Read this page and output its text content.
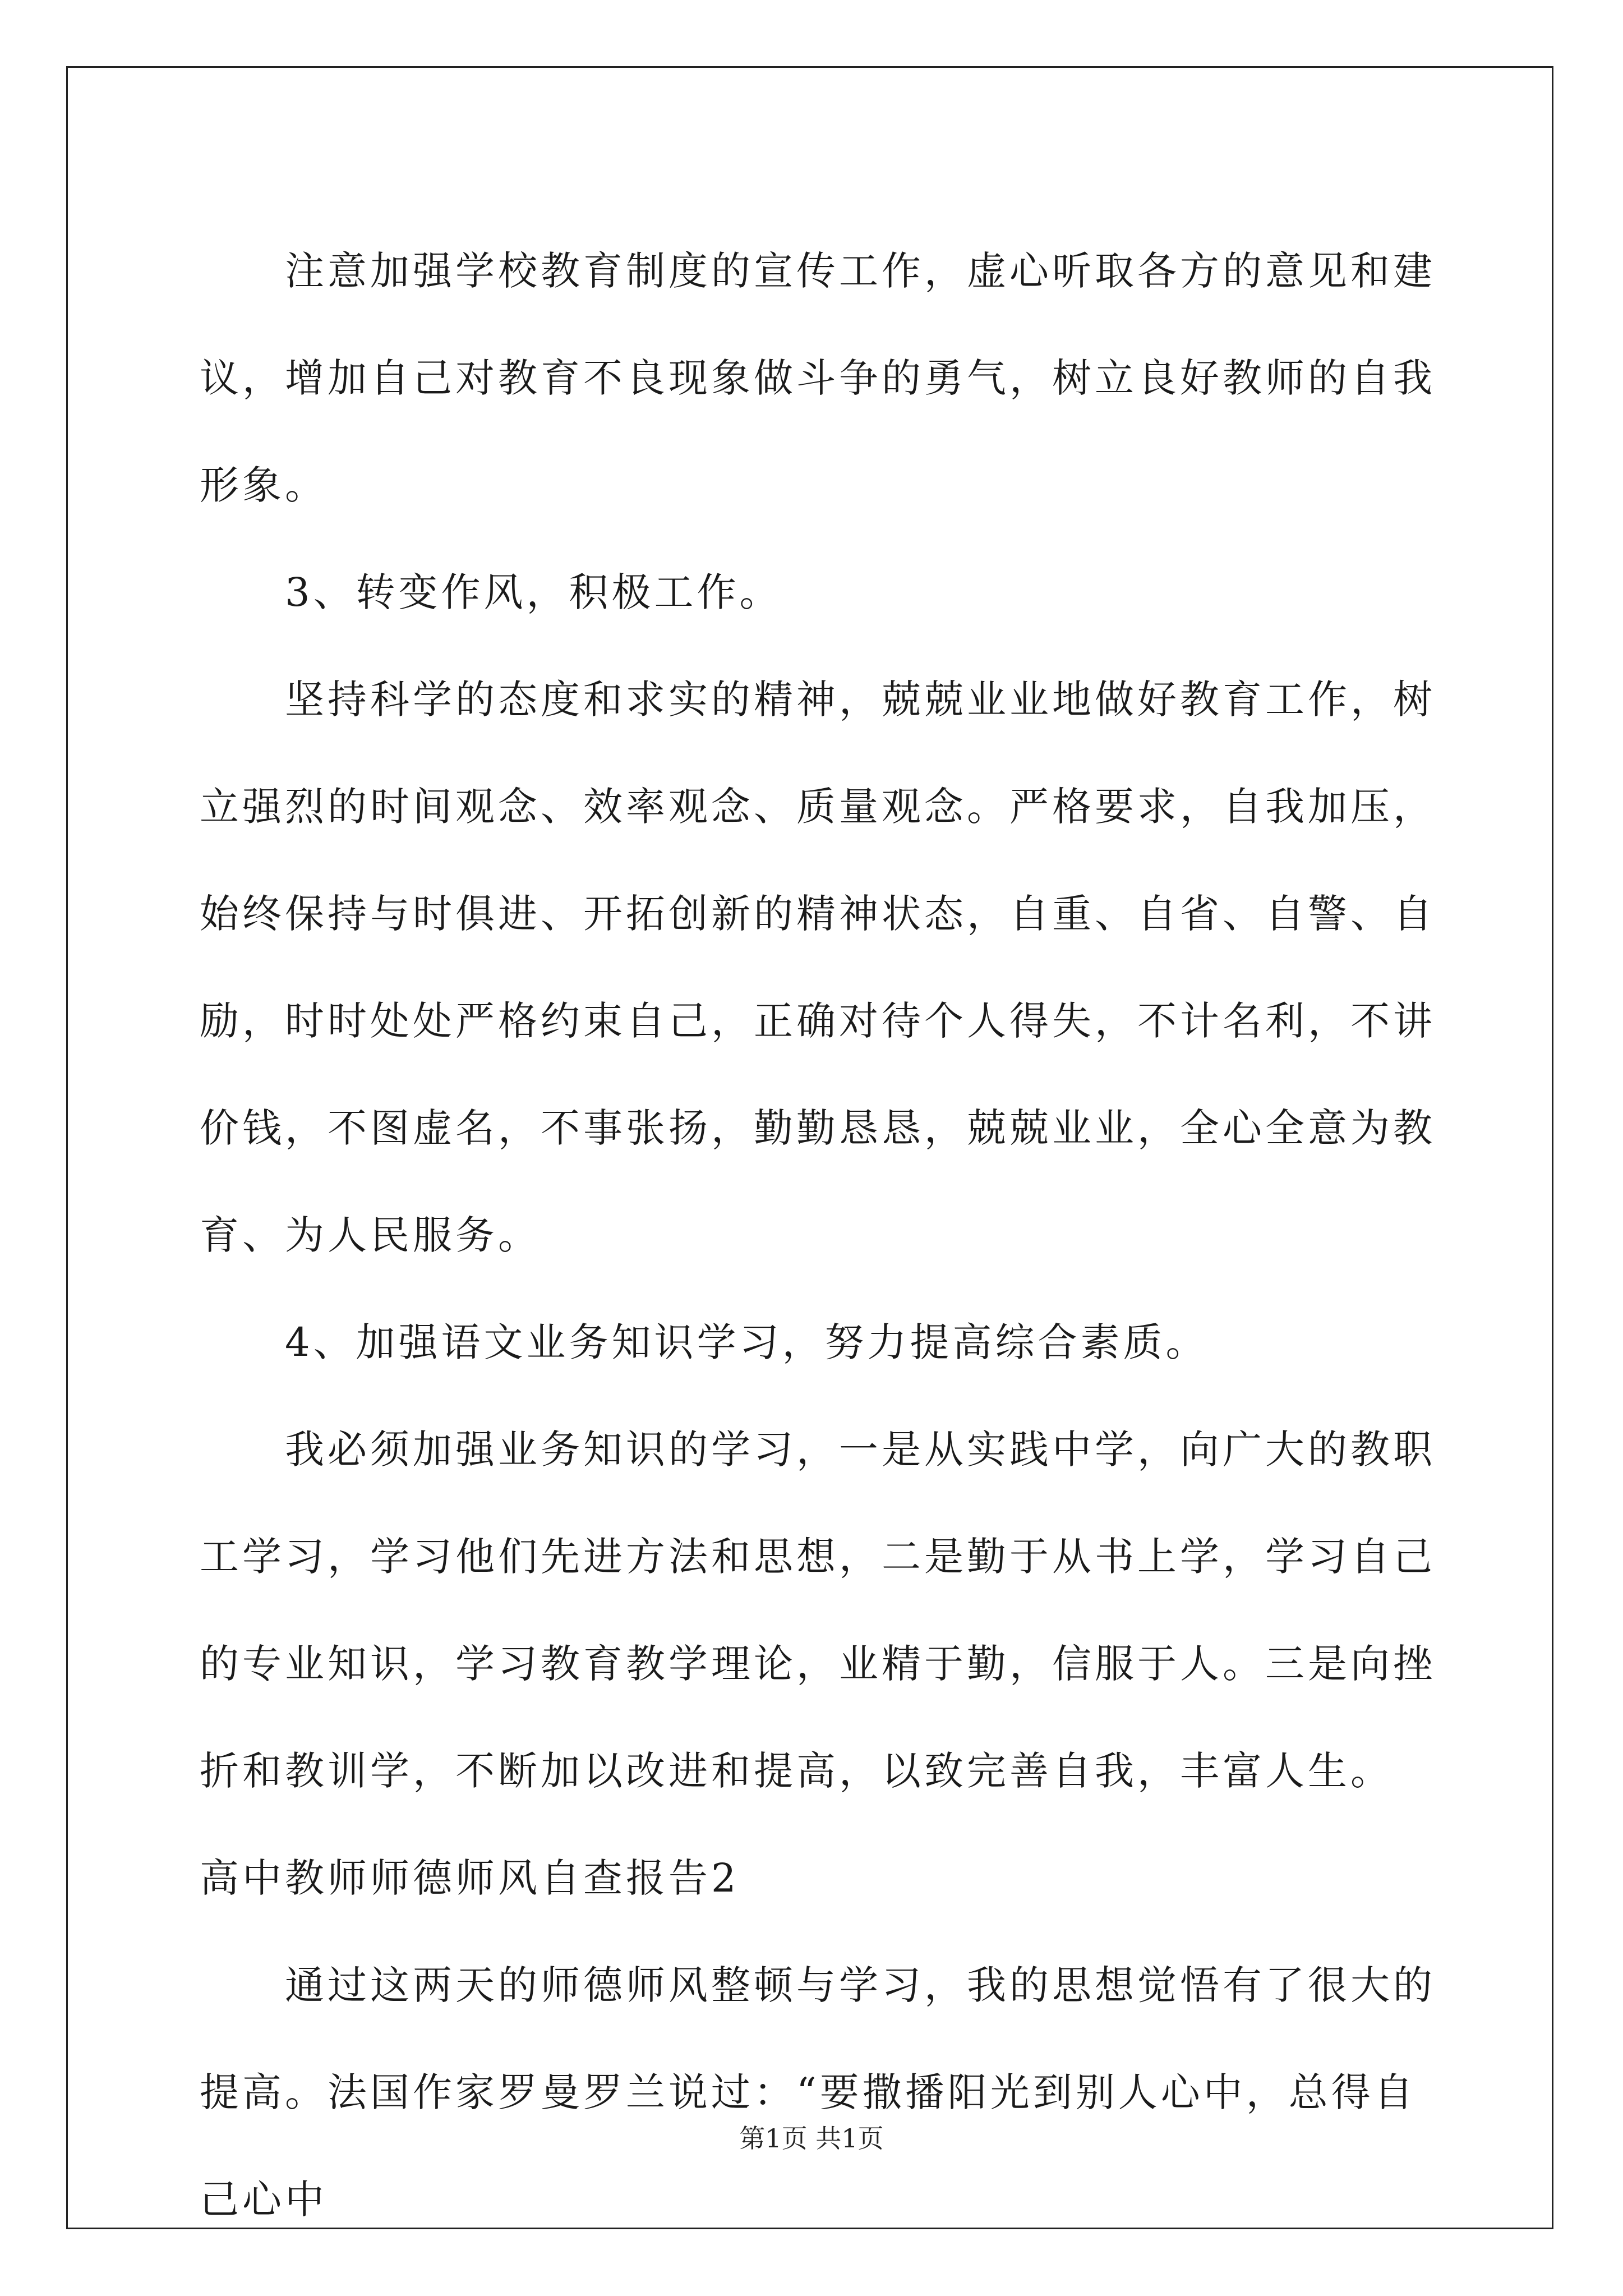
注意加强学校教育制度的宣传工作，虚心听取各方的意见和建议，增加自己对教育不良现象做斗争的勇气，树立良好教师的自我形象。

3、转变作风，积极工作。

坚持科学的态度和求实的精神，兢兢业业地做好教育工作，树立强烈的时间观念、效率观念、质量观念。严格要求，自我加压，始终保持与时俱进、开拓创新的精神状态，自重、自省、自警、自励，时时处处严格约束自己，正确对待个人得失，不计名利，不讲价钱，不图虚名，不事张扬，勤勤恳恳，兢兢业业，全心全意为教育、为人民服务。

4、加强语文业务知识学习，努力提高综合素质。

我必须加强业务知识的学习，一是从实践中学，向广大的教职工学习，学习他们先进方法和思想，二是勤于从书上学，学习自己的专业知识，学习教育教学理论，业精于勤，信服于人。三是向挫折和教训学，不断加以改进和提高，以致完善自我，丰富人生。

高中教师师德师风自查报告2

通过这两天的师德师风整顿与学习，我的思想觉悟有了很大的提高。法国作家罗曼罗兰说过：“要撒播阳光到别人心中，总得自己心中

第1页 共1页
